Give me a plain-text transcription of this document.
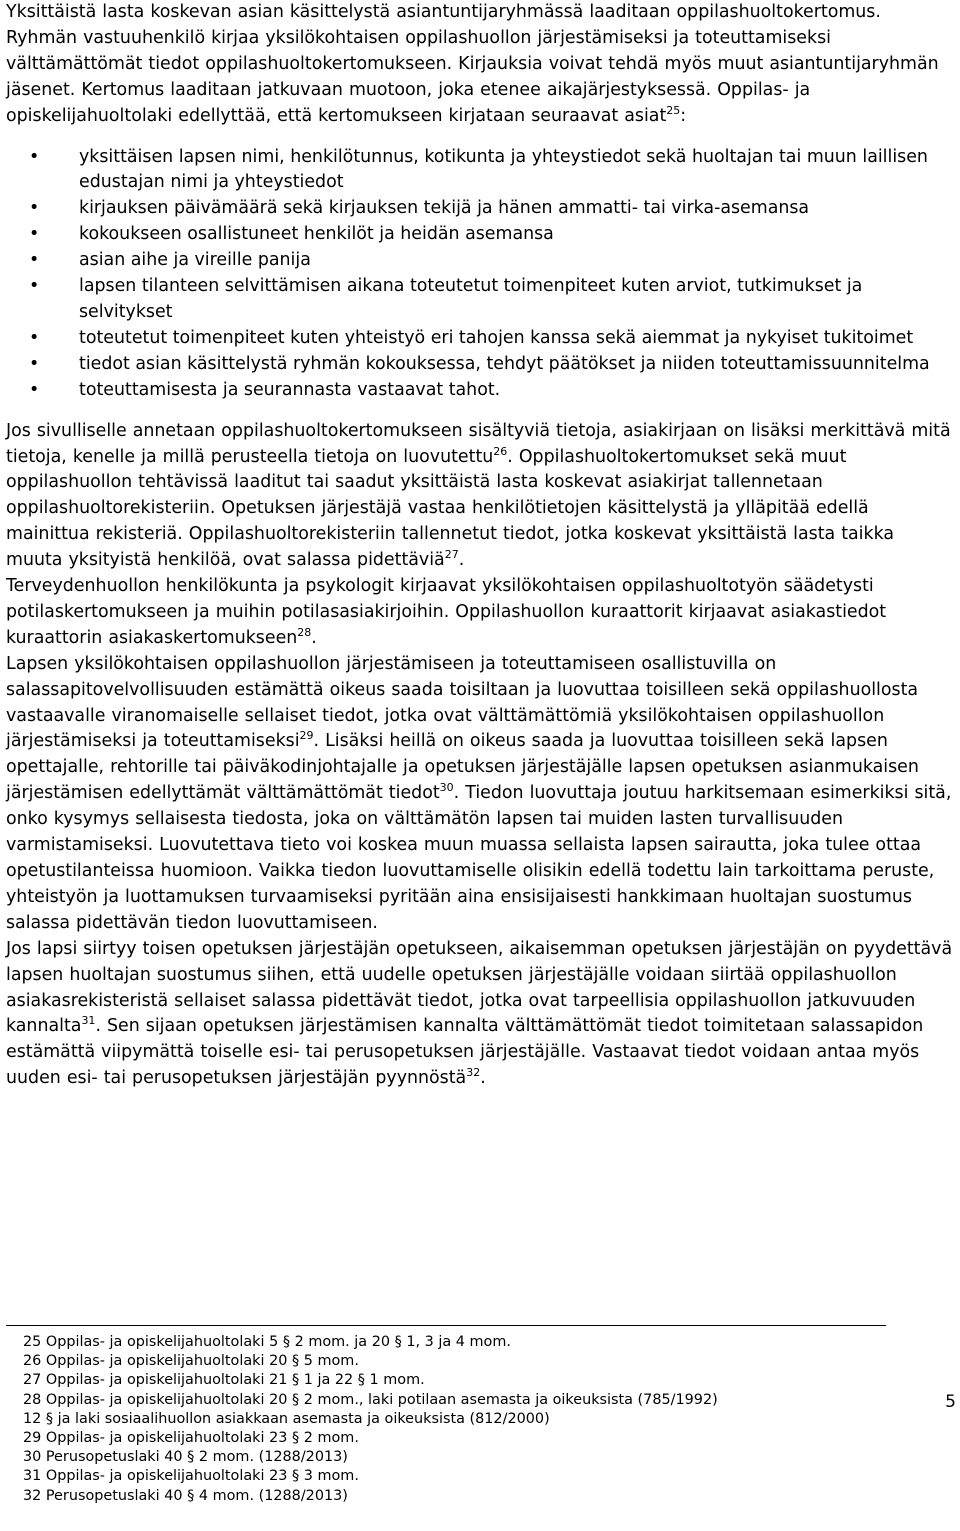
Yksittäistä lasta koskevan asian käsittelystä asiantuntijaryhmässä laaditaan oppilashuoltokertomus. Ryhmän vastuuhenkilö kirjaa yksilökohtaisen oppilashuollon järjestämiseksi ja toteuttamiseksi välttämättömät tiedot oppilashuoltokertomukseen. Kirjauksia voivat tehdä myös muut asiantuntijaryhmän jäsenet. Kertomus laaditaan jatkuvaan muotoon, joka etenee aikajärjestyksessä. Oppilas- ja opiskelijahuoltolaki edellyttää, että kertomukseen kirjataan seuraavat asiat$^{25}$:

• yksittäisen lapsen nimi, henkilötunnus, kotikunta ja yhteystiedot sekä huoltajan tai muun laillisen edustajan nimi ja yhteystiedot
• kirjauksen päivämäärä sekä kirjauksen tekijä ja hänen ammatti- tai virka-asemansa
• kokoukseen osallistuneet henkilöt ja heidän asemansa
• asian aihe ja vireille panija
• lapsen tilanteen selvittämisen aikana toteutetut toimenpiteet kuten arviot, tutkimukset ja selvitykset
• toteutetut toimenpiteet kuten yhteistyö eri tahojen kanssa sekä aiemmat ja nykyiset tukitoimet
• tiedot asian käsittelystä ryhmän kokouksessa, tehdyt päätökset ja niiden toteuttamissuunnitelma
• toteuttamisesta ja seurannasta vastaavat tahot.

Jos sivulliselle annetaan oppilashuoltokertomukseen sisältyviä tietoja, asiakirjaan on lisäksi merkittävä mitä tietoja, kenelle ja millä perusteella tietoja on luovutettu$^{26}$. Oppilashuoltokertomukset sekä muut oppilashuollon tehtävissä laaditut tai saadut yksittäistä lasta koskevat asiakirjat tallennetaan oppilashuoltorekisteriin. Opetuksen järjestäjä vastaa henkilötietojen käsittelystä ja ylläpitää edellä mainittua rekisteriä. Oppilashuoltorekisteriin tallennetut tiedot, jotka koskevat yksittäistä lasta taikka muuta yksityistä henkilöä, ovat salassa pidettäviä$^{27}$.

Terveydenhuollon henkilökunta ja psykologit kirjaavat yksilökohtaisen oppilashuoltotyön säädetysti potilaskertomukseen ja muihin potilasasiakirjoihin. Oppilashuollon kuraattorit kirjaavat asiakastiedot kuraattorin asiakaskertomukseen$^{28}$.

Lapsen yksilökohtaisen oppilashuollon järjestämiseen ja toteuttamiseen osallistuvilla on salassapitovelvollisuuden estämättä oikeus saada toisiltaan ja luovuttaa toisilleen sekä oppilashuollosta vastaavalle viranomaiselle sellaiset tiedot, jotka ovat välttämättömiä yksilökohtaisen oppilashuollon järjestämiseksi ja toteuttamiseksi$^{29}$. Lisäksi heillä on oikeus saada ja luovuttaa toisilleen sekä lapsen opettajalle, rehtorille tai päiväkodinjohtajalle ja opetuksen järjestäjälle lapsen opetuksen asianmukaisen järjestämisen edellyttämät välttämättömät tiedot$^{30}$. Tiedon luovuttaja joutuu harkitsemaan esimerkiksi sitä, onko kysymys sellaisesta tiedosta, joka on välttämätön lapsen tai muiden lasten turvallisuuden varmistamiseksi. Luovutettava tieto voi koskea muun muassa sellaista lapsen sairautta, joka tulee ottaa opetustilanteissa huomioon. Vaikka tiedon luovuttamiselle olisikin edellä todettu lain tarkoittama peruste, yhteistyön ja luottamuksen turvaamiseksi pyritään aina ensisijaisesti hankkimaan huoltajan suostumus salassa pidettävän tiedon luovuttamiseen.

Jos lapsi siirtyy toisen opetuksen järjestäjän opetukseen, aikaisemman opetuksen järjestäjän on pyydettävä lapsen huoltajan suostumus siihen, että uudelle opetuksen järjestäjälle voidaan siirtää oppilashuollon asiakasrekisteristä sellaiset salassa pidettävät tiedot, jotka ovat tarpeellisia oppilashuollon jatkuvuuden kannalta$^{31}$. Sen sijaan opetuksen järjestämisen kannalta välttämättömät tiedot toimitetaan salassapidon estämättä viipymättä toiselle esi- tai perusopetuksen järjestäjälle. Vastaavat tiedot voidaan antaa myös uuden esi- tai perusopetuksen järjestäjän pyynnöstä$^{32}$.

25 Oppilas- ja opiskelijahuoltolaki 5 § 2 mom. ja 20 § 1, 3 ja 4 mom.

26 Oppilas- ja opiskelijahuoltolaki 20 § 5 mom.

27 Oppilas- ja opiskelijahuoltolaki 21 § 1 ja 22 § 1 mom.

28 Oppilas- ja opiskelijahuoltolaki 20 § 2 mom., laki potilaan asemasta ja oikeuksista (785/1992)

12 § ja laki sosiaalihuollon asiakkaan asemasta ja oikeuksista (812/2000)

29 Oppilas- ja opiskelijahuoltolaki 23 § 2 mom.

30 Perusopetuslaki 40 § 2 mom. (1288/2013)

31 Oppilas- ja opiskelijahuoltolaki 23 § 3 mom.

32 Perusopetuslaki 40 § 4 mom. (1288/2013)

5
